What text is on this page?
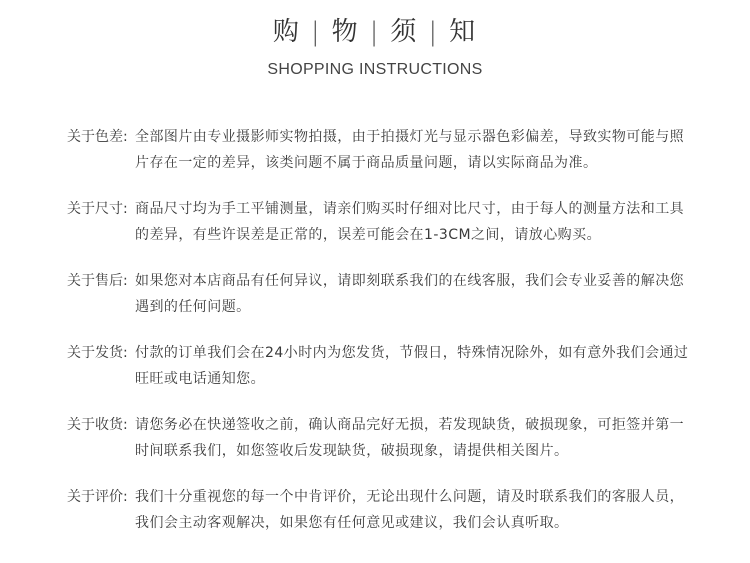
购 | 物 | 须 | 知
SHOPPING INSTRUCTIONS
关于色差: 全部图片由专业摄影师实物拍摄，由于拍摄灯光与显示器色彩偏差，导致实物可能与照片存在一定的差异，该类问题不属于商品质量问题，请以实际商品为准。
关于尺寸: 商品尺寸均为手工平铺测量，请亲们购买时仔细对比尺寸，由于每人的测量方法和工具的差异，有些许误差是正常的，误差可能会在1-3CM之间，请放心购买。
关于售后: 如果您对本店商品有任何异议，请即刻联系我们的在线客服，我们会专业妥善的解决您遇到的任何问题。
关于发货: 付款的订单我们会在24小时内为您发货，节假日，特殊情况除外，如有意外我们会通过旺旺或电话通知您。
关于收货: 请您务必在快递签收之前，确认商品完好无损，若发现缺货，破损现象，可拒签并第一时间联系我们，如您签收后发现缺货，破损现象，请提供相关图片。
关于评价: 我们十分重视您的每一个中肯评价，无论出现什么问题，请及时联系我们的客服人员，我们会主动客观解决，如果您有任何意见或建议，我们会认真听取。
